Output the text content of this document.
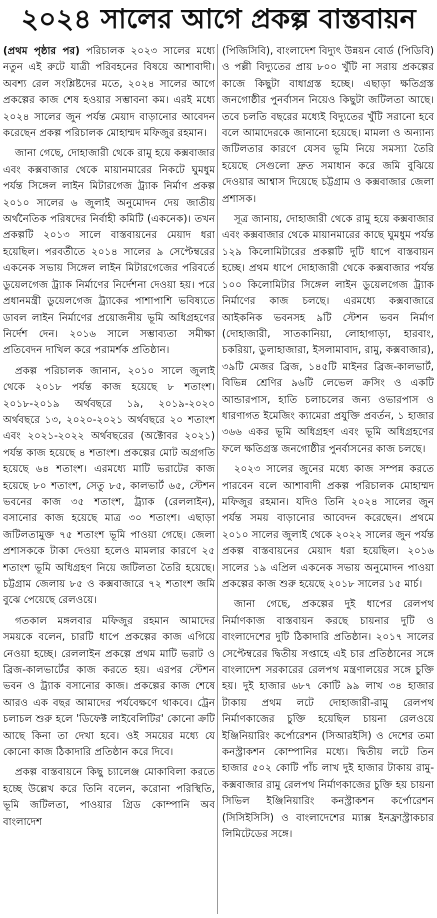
২০২৪ সালের আগে প্রকল্প বাস্তবায়ন

(প্রথম পৃষ্ঠার পর) পরিচালক ২০২৩ সালের মধ্যে নতুন এই রুটে যাত্রী পরিবহনের বিষয়ে আশাবাদী। অবশ্য রেল সংশ্লিষ্টদের মতে, ২০২৪ সালের আগে প্রকল্পের কাজ শেষ হওয়ার সম্ভাবনা কম। এরই মধ্যে ২০২৪ সালের জুন পর্যন্ত মেয়াদ বাড়ানোর আবেদন করেছেন প্রকল্প পরিচালক মোহাম্মদ মফিজুর রহমান।

জানা গেছে, দোহাজারী থেকে রামু হয়ে কক্সবাজার এবং কক্সবাজার থেকে মায়ানমারের নিকটে ঘুমধুম পর্যন্ত সিঙ্গেল লাইন মিটারগেজ ট্র্যাক নির্মাণ প্রকল্প ২০১০ সালের ৬ জুলাই অনুমোদন দেয় জাতীয় অর্থনৈতিক পরিষদের নির্বাহী কমিটি (একনেক)। তখন প্রকল্পটি ২০১৩ সালে বাস্তবায়নের মেয়াদ ধরা হয়েছিল। পরবর্তীতে ২০১৪ সালের ৯ সেপ্টেম্বরের একনেক সভায় সিঙ্গেল লাইন মিটারগেজের পরিবর্তে ডুয়েলগেজ ট্র্যাক নির্মাণের নির্দেশনা দেওয়া হয়। পরে প্রধানমন্ত্রী ডুয়েলগেজ ট্র্যাকের পাশাপাশি ভবিষ্যতে ডাবল লাইন নির্মাণের প্রয়োজনীয় ভূমি অধিগ্রহণের নির্দেশ দেন। ২০১৬ সালে সম্ভাব্যতা সমীক্ষা প্রতিবেদন দাখিল করে পরামর্শক প্রতিষ্ঠান।

প্রকল্প পরিচালক জানান, ২০১০ সালে জুলাই থেকে ২০১৮ পর্যন্ত কাজ হয়েছে ৮ শতাংশ। ২০১৮-২০১৯ অর্থবছরে ১৯, ২০১৯-২০২০ অর্থবছরে ১৩, ২০২০-২০২১ অর্থবছরে ২০ শতাংশ এবং ২০২১-২০২২ অর্থবছরের (অক্টোবর ২০২১) পর্যন্ত কাজ হয়েছে ৪ শতাংশ। প্রকল্পের মোট অগ্রগতি হয়েছে ৬৪ শতাংশ। এরমধ্যে মাটি ভরাটের কাজ হয়েছে ৮০ শতাংশ, সেতু ৮৫, কালভার্ট ৬৫, স্টেশন ভবনের কাজ ৩৫ শতাংশ, ট্র্যাক (রেললাইন), বসানোর কাজ হয়েছে মাত্র ৩০ শতাংশ। এছাড়া জটিলতামুক্ত ৭৫ শতাংশ ভূমি পাওয়া গেছে। জেলা প্রশাসককে টাকা দেওয়া হলেও মামলার কারণে ২৫ শতাংশ ভূমি অধিগ্রহণ নিয়ে জটিলতা তৈরি হয়েছে। চট্টগ্রাম জেলায় ৮৫ ও কক্সবাজারে ৭২ শতাংশ জমি বুঝে পেয়েছে রেলওয়ে।

গতকাল মঙ্গলবার মফিজুর রহমান আমাদের সময়কে বলেন, চারটি ধাপে প্রকল্পের কাজ এগিয়ে নেওয়া হচ্ছে। রেললাইন প্রকল্পে প্রথম মাটি ভরাট ও ব্রিজ-কালভার্টের কাজ করতে হয়। এরপর স্টেশন ভবন ও ট্র্যাক বসানোর কাজ। প্রকল্পের কাজ শেষে আরও এক বছর আমাদের পর্যবেক্ষণে থাকবে। ট্রেন চলাচল শুরু হলে 'ডিফেক্ট লাইবেলিটির' কোনো ক্রটি আছে কিনা তা দেখা হবে। ওই সময়ের মধ্যে যে কোনো কাজ ঠিকাদারি প্রতিষ্ঠান করে দিবে।

প্রকল্প বাস্তবায়নে কিছু চ্যালেঞ্জ মোকাবিলা করতে হচ্ছে উল্লেখ করে তিনি বলেন, করোনা পরিস্থিতি, ভূমি জটিলতা, পাওয়ার গ্রিড কোম্পানি অব বাংলাদেশ

(পিজিসিবি), বাংলাদেশ বিদ্যুৎ উন্নয়ন বোর্ড (পিডিবি) ও পল্লী বিদ্যুতের প্রায় ৮০০ খুঁটি না সরায় প্রকল্পের কাজে কিছুটা বাধাগ্রস্ত হচ্ছে। এছাড়া ক্ষতিগ্রস্ত জনগোষ্ঠীর পুনর্বাসন নিয়েও কিছুটা জটিলতা আছে। তবে চলতি বছরের মধ্যেই বিদ্যুতের খুঁটি সরানো হবে বলে আমাদেরকে জানানো হয়েছে। মামলা ও অন্যান্য জটিলতার কারণে যেসব ভূমি নিয়ে সমস্যা তৈরি হয়েছে সেগুলো দ্রুত সমাধান করে জমি বুঝিয়ে দেওয়ার আশ্বাস দিয়েছে চট্টগ্রাম ও কক্সবাজার জেলা প্রশাসক।

সূত্র জানায়, দোহাজারী থেকে রামু হয়ে কক্সবাজার এবং কক্সবাজার থেকে মায়ানমারের কাছে ঘুমধুম পর্যন্ত ১২৯ কিলোমিটারের প্রকল্পটি দুটি ধাপে বাস্তবায়ন হচ্ছে। প্রথম ধাপে দোহাজারী থেকে কক্সবাজার পর্যন্ত ১০০ কিলোমিটার সিঙ্গেল লাইন ডুয়েলগেজ ট্র্যাক নির্মাণের কাজ চলছে। এরমধ্যে কক্সবাজারে আইকনিক ভবনসহ ৯টি স্টেশন ভবন নির্মাণ (দোহাজারী, সাতকানিয়া, লোহাগাড়া, হারবাং, চকরিয়া, ডুলাহাজারা, ইসলামাবাদ, রামু, কক্সবাজার), ৩৯টি মেজর ব্রিজ, ১৪৫টি মাইনর ব্রিজ-কালভার্ট, বিভিন্ন শ্রেণির ৯৬টি লেভেল ক্রসিং ও একটি আন্ডারপাস, হাতি চলাচলের জন্য ওভারপাস ও ধারণাগত ইমেজিং ক্যামেরা প্রযুক্তি প্রবর্তন, ১ হাজার ৩৬৬ একর ভূমি অধিগ্রহণ এবং ভূমি অধিগ্রহণের ফলে ক্ষতিগ্রস্ত জনগোষ্ঠীর পুনর্বাসনের কাজ চলছে।

২০২৩ সালের জুনের মধ্যে কাজ সম্পন্ন করতে পারবেন বলে আশাবাদী প্রকল্প পরিচালক মোহাম্মদ মফিজুর রহমান। যদিও তিনি ২০২৪ সালের জুন পর্যন্ত সময় বাড়ানোর আবেদন করেছেন। প্রথমে ২০১০ সালের জুলাই থেকে ২০২২ সালের জুন পর্যন্ত প্রকল্প বাস্তবায়নের মেয়াদ ধরা হয়েছিল। ২০১৬ সালের ১৯ এপ্রিল একনেক সভায় অনুমোদন পাওয়া প্রকল্পের কাজ শুরু হয়েছে ২০১৮ সালের ১৫ মার্চ।

জানা গেছে, প্রকল্পের দুই ধাপের রেলপথ নির্মাণকাজ বাস্তবায়ন করছে চায়নার দুটি ও বাংলাদেশের দুটি ঠিকাদারি প্রতিষ্ঠান। ২০১৭ সালের সেপ্টেম্বরের দ্বিতীয় সপ্তাহে এই চার প্রতিষ্ঠানের সঙ্গে বাংলাদেশ সরকারের রেলপথ মন্ত্রণালয়ের সঙ্গে চুক্তি হয়। দুই হাজার ৬৮৭ কোটি ৯৯ লাখ ৩৪ হাজার টাকায় প্রথম লটে দোহাজারী-রামু রেলপথ নির্মাণকাজের চুক্তি হয়েছিল চায়না রেলওয়ে ইঞ্জিনিয়ারিং কর্পোরেশন (সিআরইসি) ও দেশের তমা কনস্ট্রাকশন কোম্পানির মধ্যে। দ্বিতীয় লটে তিন হাজার ৫০২ কোটি পাঁচ লাখ দুই হাজার টাকায় রামু-কক্সবাজার রামু রেলপথ নির্মাণকাজের চুক্তি হয় চায়না সিভিল ইঞ্জিনিয়ারিং কনস্ট্রাকশন কর্পোরেশন (সিসিইসিসি) ও বাংলাদেশের ম্যাক্স ইনফ্রাস্ট্রাকচার লিমিটেডের সঙ্গে।
